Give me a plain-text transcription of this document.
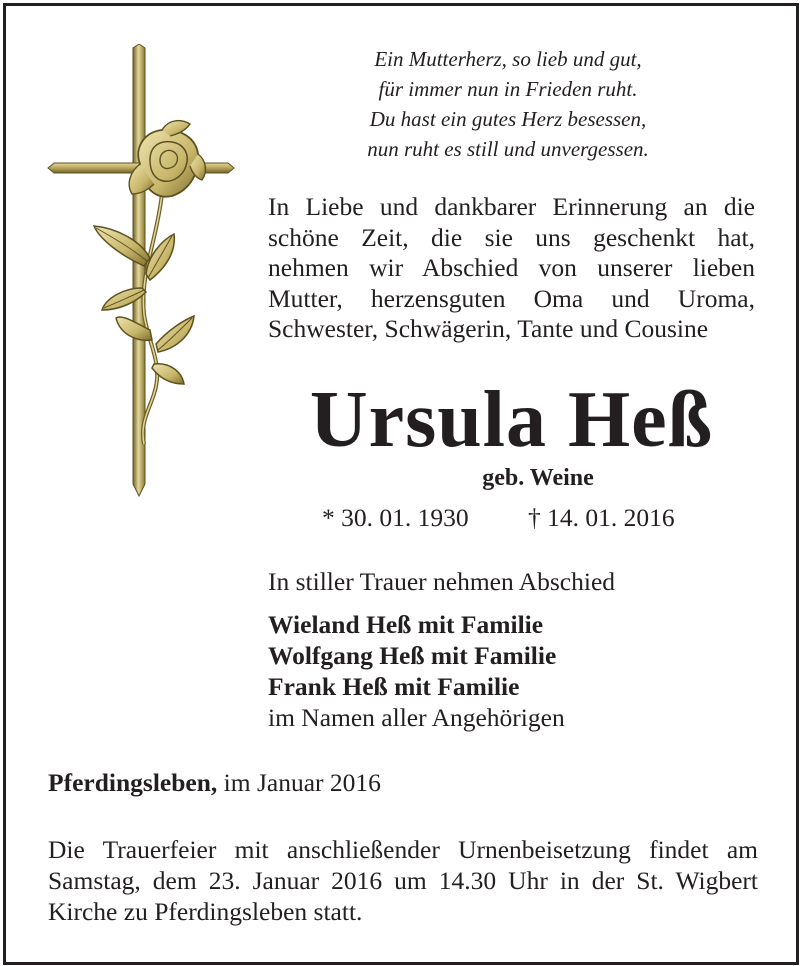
Ein Mutterherz, so lieb und gut,
für immer nun in Frieden ruht.
Du hast ein gutes Herz besessen,
nun ruht es still und unvergessen.
In Liebe und dankbarer Erinnerung an die
schöne Zeit, die sie uns geschenkt hat,
nehmen wir Abschied von unserer lieben
Mutter, herzensguten Oma und Uroma,
Schwester, Schwägerin, Tante und Cousine
Ursula Heß
geb. Weine
* 30. 01. 1930 † 14. 01. 2016
In stiller Trauer nehmen Abschied
Wieland Heß mit Familie
Wolfgang Heß mit Familie
Frank Heß mit Familie
im Namen aller Angehörigen
Pferdingsleben, im Januar 2016
Die Trauerfeier mit anschließender Urnenbeisetzung findet am
Samstag, dem 23. Januar 2016 um 14.30 Uhr in der St. Wigbert
Kirche zu Pferdingsleben statt.
